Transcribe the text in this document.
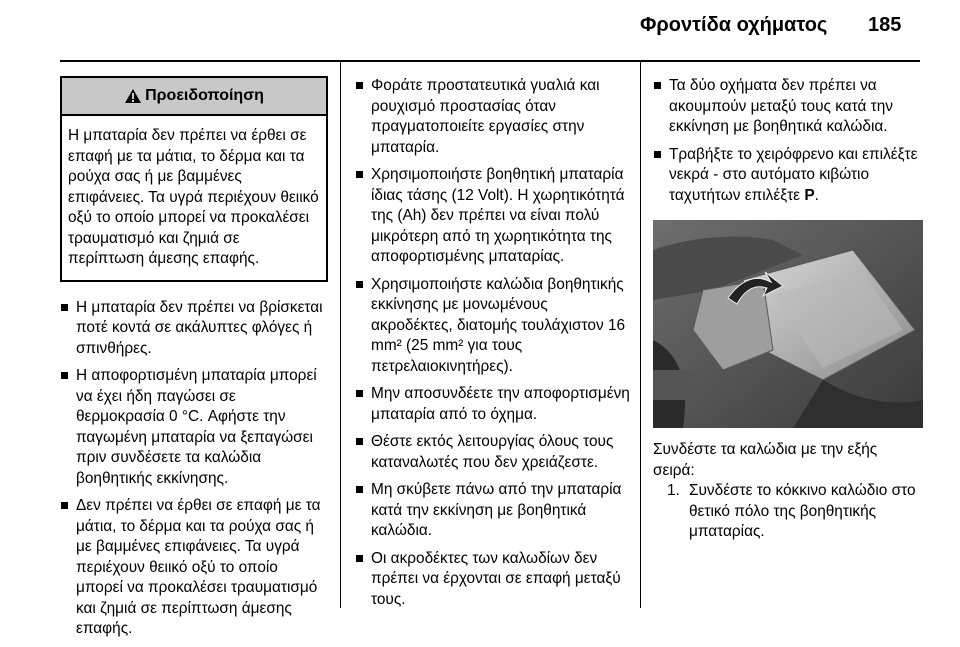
Φροντίδα οχήματος 185
Προειδοποίηση
Η μπαταρία δεν πρέπει να έρθει σε επαφή με τα μάτια, το δέρμα και τα ρούχα σας ή με βαμμένες επιφάνειες. Τα υγρά περιέχουν θειικό οξύ το οποίο μπορεί να προκαλέσει τραυματισμό και ζημιά σε περίπτωση άμεσης επαφής.
Η μπαταρία δεν πρέπει να βρίσκεται ποτέ κοντά σε ακάλυπτες φλόγες ή σπινθήρες.
Η αποφορτισμένη μπαταρία μπορεί να έχει ήδη παγώσει σε θερμοκρασία 0 °C. Αφήστε την παγωμένη μπαταρία να ξεπαγώσει πριν συνδέσετε τα καλώδια βοηθητικής εκκίνησης.
Δεν πρέπει να έρθει σε επαφή με τα μάτια, το δέρμα και τα ρούχα σας ή με βαμμένες επιφάνειες. Τα υγρά περιέχουν θειικό οξύ το οποίο μπορεί να προκαλέσει τραυματισμό και ζημιά σε περίπτωση άμεσης επαφής.
Φοράτε προστατευτικά γυαλιά και ρουχισμό προστασίας όταν πραγματοποιείτε εργασίες στην μπαταρία.
Χρησιμοποιήστε βοηθητική μπαταρία ίδιας τάσης (12 Volt). Η χωρητικότητά της (Ah) δεν πρέπει να είναι πολύ μικρότερη από τη χωρητικότητα της αποφορτισμένης μπαταρίας.
Χρησιμοποιήστε καλώδια βοηθητικής εκκίνησης με μονωμένους ακροδέκτες, διατομής τουλάχιστον 16 mm² (25 mm² για τους πετρελαιοκινητήρες).
Μην αποσυνδέετε την αποφορτισμένη μπαταρία από το όχημα.
Θέστε εκτός λειτουργίας όλους τους καταναλωτές που δεν χρειάζεστε.
Μη σκύβετε πάνω από την μπαταρία κατά την εκκίνηση με βοηθητικά καλώδια.
Οι ακροδέκτες των καλωδίων δεν πρέπει να έρχονται σε επαφή μεταξύ τους.
Τα δύο οχήματα δεν πρέπει να ακουμπούν μεταξύ τους κατά την εκκίνηση με βοηθητικά καλώδια.
Τραβήξτε το χειρόφρενο και επιλέξτε νεκρά - στο αυτόματο κιβώτιο ταχυτήτων επιλέξτε P.
Συνδέστε τα καλώδια με την εξής σειρά:
1. Συνδέστε το κόκκινο καλώδιο στο θετικό πόλο της βοηθητικής μπαταρίας.
